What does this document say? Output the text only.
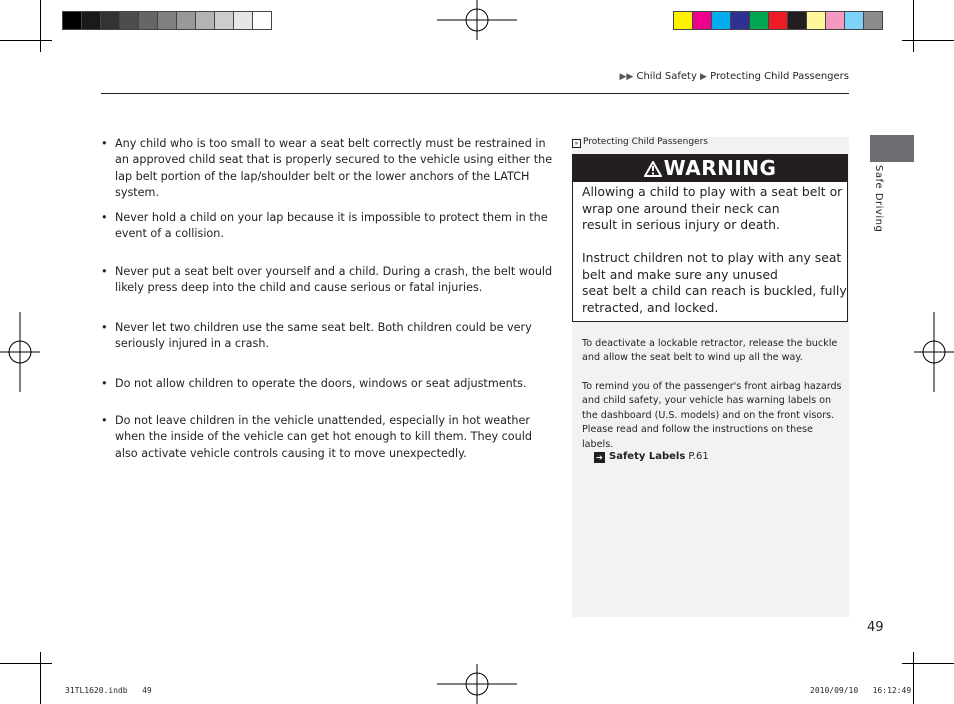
▶▶ Child Safety ▶ Protecting Child Passengers
Safe Driving
• Any child who is too small to wear a seat belt correctly must be restrained in an approved child seat that is properly secured to the vehicle using either the lap belt portion of the lap/shoulder belt or the lower anchors of the LATCH system.
• Never hold a child on your lap because it is impossible to protect them in the event of a collision.
• Never put a seat belt over yourself and a child. During a crash, the belt would likely press deep into the child and cause serious or fatal injuries.
• Never let two children use the same seat belt. Both children could be very seriously injured in a crash.
• Do not allow children to operate the doors, windows or seat adjustments.
• Do not leave children in the vehicle unattended, especially in hot weather when the inside of the vehicle can get hot enough to kill them. They could also activate vehicle controls causing it to move unexpectedly.
» Protecting Child Passengers
WARNING
Allowing a child to play with a seat belt or
wrap one around their neck can
result in serious injury or death.
Instruct children not to play with any seat
belt and make sure any unused
seat belt a child can reach is buckled, fully
retracted, and locked.
To deactivate a lockable retractor, release the buckle and allow the seat belt to wind up all the way.
To remind you of the passenger's front airbag hazards and child safety, your vehicle has warning labels on the dashboard (U.S. models) and on the front visors. Please read and follow the instructions on these labels.
➔ Safety Labels P.61
49
31TL1620.indb   49	2010/09/10   16:12:49
